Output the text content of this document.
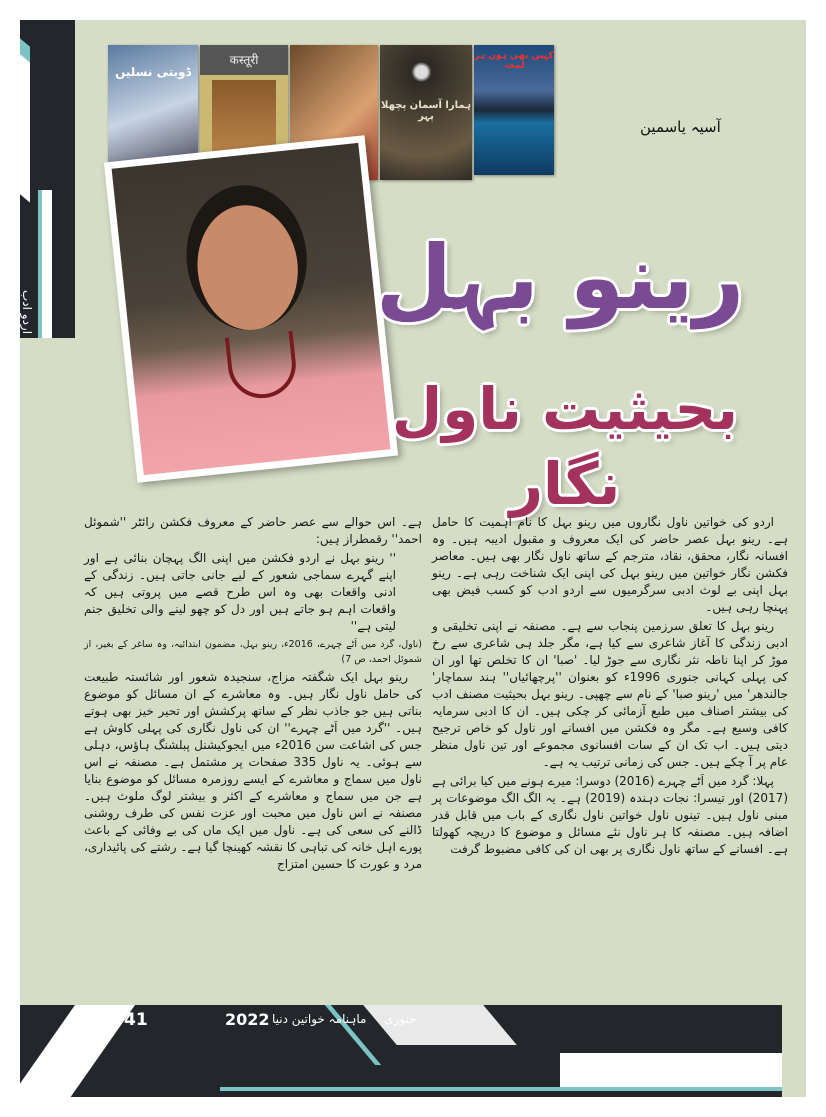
اردو ادب
ڈوبتی نسلیں
कस्तूरी
ہمارا آسمان پچھلا پہر
کہیں بھی ہوں ہر لمحہ
آسیہ یاسمین
رینو بہل
بحیثیت ناول نگار

اردو کی خواتین ناول نگاروں میں رینو بہل کا نام اہمیت کا حامل ہے۔ رینو بہل عصر حاضر کی ایک معروف و مقبول ادیبہ ہیں۔ وہ افسانہ نگار، محقق، نقاد، مترجم کے ساتھ ناول نگار بھی ہیں۔ معاصر فکشن نگار خواتین میں رینو بہل کی اپنی ایک شناخت رہی ہے۔ رینو بہل اپنی بے لوث ادبی سرگرمیوں سے اردو ادب کو کسب فیض بھی پہنچا رہی ہیں۔

رینو بہل کا تعلق سرزمین پنجاب سے ہے۔ مصنفہ نے اپنی تخلیقی و ادبی زندگی کا آغاز شاعری سے کیا ہے، مگر جلد ہی شاعری سے رخ موڑ کر اپنا ناطہ نثر نگاری سے جوڑ لیا۔ 'صبا' ان کا تخلص تھا اور ان کی پہلی کہانی جنوری 1996ء کو بعنوان ''پرچھائیاں'' ہند سماچار' جالندھر' میں 'رینو صبا' کے نام سے چھپی۔ رینو بہل بحیثیت مصنف ادب کی بیشتر اصناف میں طبع آزمائی کر چکی ہیں۔ ان کا ادبی سرمایہ کافی وسیع ہے۔ مگر وہ فکشن میں افسانے اور ناول کو خاص ترجیح دیتی ہیں۔ اب تک ان کے سات افسانوی مجموعے اور تین ناول منظر عام پر آ چکے ہیں۔ جس کی زمانی ترتیب یہ ہے۔

پہلا: گرد میں اَٹے چہرے (2016) دوسرا: میرے ہونے میں کیا برائی ہے (2017) اور تیسرا: نجات دہندہ (2019) ہے۔ یہ الگ الگ موضوعات پر مبنی ناول ہیں۔ تینوں ناول خواتین ناول نگاری کے باب میں قابل قدر اضافہ ہیں۔ مصنفہ کا ہر ناول نئے مسائل و موضوع کا دریچہ کھولتا ہے۔ افسانے کے ساتھ ناول نگاری پر بھی ان کی کافی مضبوط گرفت

ہے۔ اس حوالے سے عصر حاضر کے معروف فکشن رائٹر ''شموئل احمد'' رقمطراز ہیں:

'' رینو بہل نے اردو فکشن میں اپنی الگ پہچان بنائی ہے اور اپنے گہرے سماجی شعور کے لیے جانی جاتی ہیں۔ زندگی کے ادنی واقعات بھی وہ اس طرح قصے میں پروتی ہیں کہ واقعات اہم ہو جاتے ہیں اور دل کو چھو لینے والی تخلیق جنم لیتی ہے''

(ناول، گرد میں اَٹے چہرے، 2016ء، رینو بہل، مضمون ابتدائیہ، وہ ساغر کے بغیر، از شموئل احمد، ص 7)

رینو بہل ایک شگفتہ مزاج، سنجیدہ شعور اور شائستہ طبیعت کی حامل ناول نگار ہیں۔ وہ معاشرے کے ان مسائل کو موضوع بناتی ہیں جو جاذب نظر کے ساتھ پرکشش اور تحیر خیز بھی ہوتے ہیں۔ ''گرد میں اَٹے چہرے'' ان کی ناول نگاری کی پہلی کاوش ہے جس کی اشاعت سن 2016ء میں ایجوکیشنل پبلشنگ ہاؤس، دہلی سے ہوئی۔ یہ ناول 335 صفحات پر مشتمل ہے۔ مصنفہ نے اس ناول میں سماج و معاشرے کے ایسے روزمرہ مسائل کو موضوع بنایا ہے جن میں سماج و معاشرے کے اکثر و بیشتر لوگ ملوث ہیں۔ مصنفہ نے اس ناول میں محبت اور عزت نفس کی طرف روشنی ڈالنے کی سعی کی ہے۔ ناول میں ایک ماں کی بے وفائی کے باعث پورے اہل خانہ کی تباہی کا نقشہ کھینچا گیا ہے۔ رشتے کی پائیداری، مرد و عورت کا حسین امتزاج

41	2022	جنوری  ماہنامہ خواتین دنیا
